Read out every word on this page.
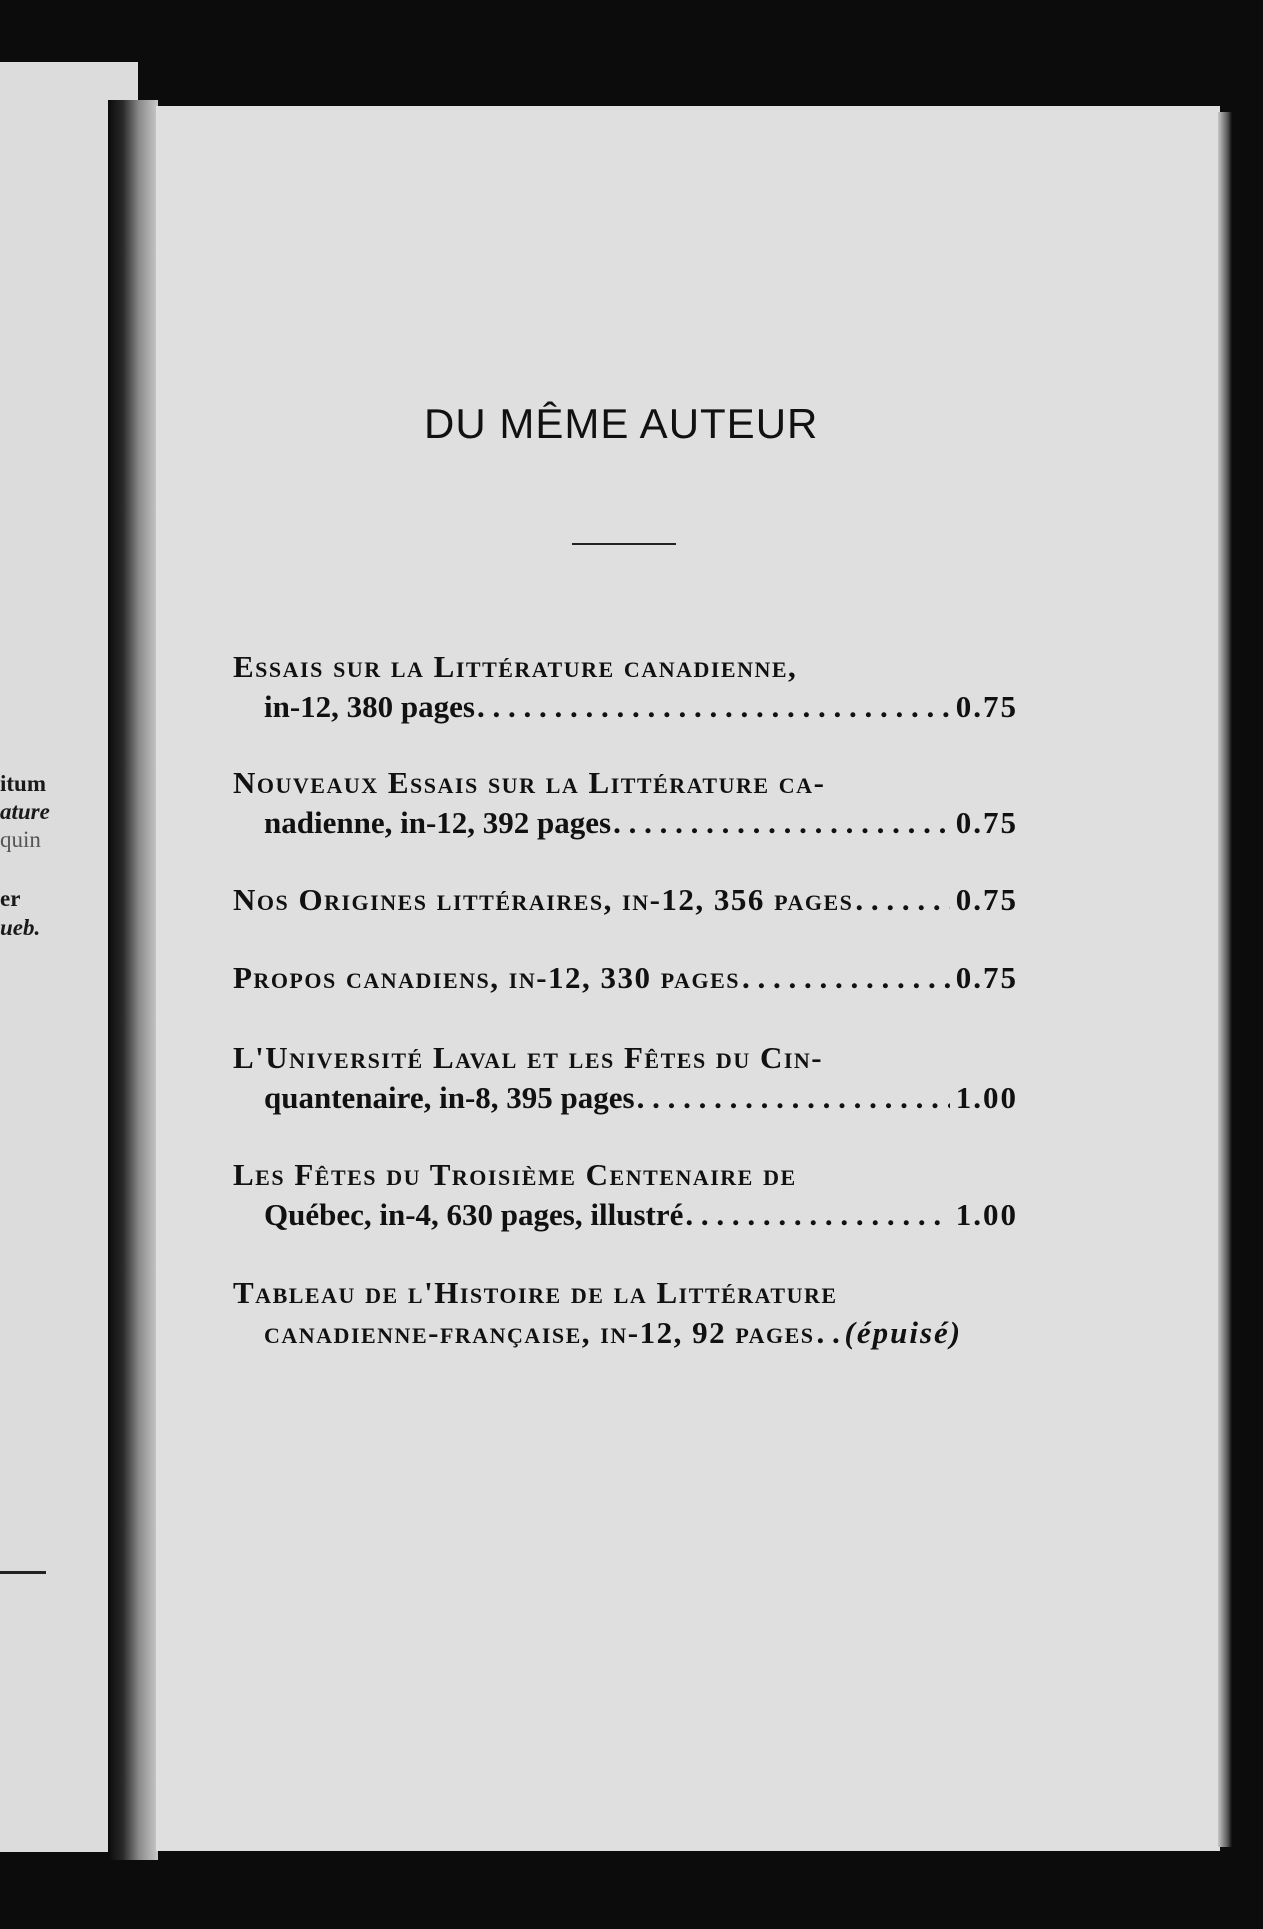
itum
ature
quin
er
ueb.
DU MÊME AUTEUR
Essais sur la Littérature canadienne,
in-12, 380 pages . . .	0.75
Nouveaux Essais sur la Littérature ca-
nadienne, in-12, 392 pages . . .	0.75
Nos Origines littéraires, in-12, 356 pages . . .	0.75
Propos canadiens, in-12, 330 pages . . .	0.75
L'Université Laval et les Fêtes du Cin-
quantenaire, in-8, 395 pages . . .	1.00
Les Fêtes du Troisième Centenaire de
Québec, in-4, 630 pages, illustré . . .	1.00
Tableau de l'Histoire de la Littérature
canadienne-française, in-12, 92 pages . . . (épuisé)
